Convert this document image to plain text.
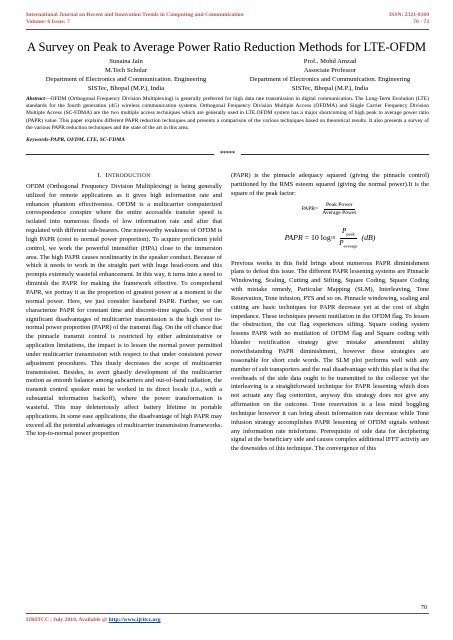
International Journal on Recent and Innovation Trends in Computing and Communication
Volume: 6 Issue: 7
ISSN: 2321-8169
70 - 73
A Survey on Peak to Average Power Ratio Reduction Methods for LTE-OFDM
Sunaina Jain
M.Tech Scholar
Department of Electronics and Communication. Engineering
SISTec, Bhopal (M.P.), India
Prof.. Mohd Amzad
Associate Professor
Department of Electronics and Communication. Engineering
SISTec, Bhopal (M.P.), India
Abstract—OFDM (Orthogonal Frequency Division Multiplexing) is generally preferred for high data rate transmission in digital communication. The Long-Term Evolution (LTE) standards for the fourth generation (4G) wireless communication systems. Orthogonal Frequency Division Multiple Access (OFDMA) and Single Carrier Frequency Division Multiple Access (SC-FDMA) are the two multiple access techniques which are generally used in LTE.OFDM system has a major shortcoming of high peak to average power ratio (PAPR) value. This paper explains different PAPR reduction techniques and presents a comparison of the various techniques based on theoretical results. It also presents a survey of the various PAPR reduction techniques and the state of the art in this area.
Keywords-PAPR, OFDM, LTE, SC-FDMA
*****
I. INTRODUCTION

OFDM (Orthogonal Frequency Division Multiplexing) is being generally utilized for remote applications as it gives high information rate and enhances phantom effectiveness. OFDM is a multicarrier computerized correspondence conspire where the entire accessible transfer speed is isolated into numerous floods of low information rate and after that regulated with different sub-bearers. One noteworthy weakness of OFDM is high PAPR (crest to normal power proportion). To acquire proficient yield control, we work the powerful intensifier (HPA) close to the immersion area. The high PAPR causes nonlinearity in the speaker conduct. Because of which it needs to work in the straight part with huge head-room and this prompts extremely wasteful enhancement. In this way, it turns into a need to diminish the PAPR for making the framework effective. To comprehend PAPR, we portray it as the proportion of greatest power at a moment to the normal power. Here, we just consider baseband PAPR. Further, we can characterize PAPR for constant time and discrete-time signals. One of the significant disadvantages of multicarrier transmission is the high crest to-normal power proportion (PAPR) of the transmit flag. On the off chance that the pinnacle transmit control is restricted by either administrative or application limitations, the impact is to lessen the normal power permitted under multicarrier transmission with respect to that under consistent power adjustment procedures. This thusly decreases the scope of multicarrier transmission. Besides, to avert ghastly development of the multicarrier motion as entomb balance among subcarriers and out-of-band radiation, the transmit control speaker must be worked in its direct locale (i.e., with a substantial information backoff), where the power transformation is wasteful. This may deleteriously affect battery lifetime in portable applications. In some ease applications, the disadvantage of high PAPR may exceed all the potential advantages of multicarrier transmission frameworks. The top-to-normal power proportion

(PAPR) is the pinnacle adequacy squared (giving the pinnacle control) partitioned by the RMS esteem squared (giving the normal power).It is the square of the peak factor:

PAPR= $\frac{\text{Peak Power}}{\text{Average Power}}$
PAPR
=
10 $\log 10 \frac{P_{peak}}{P_{average}}$
(dB)

Previous works in this field brings about numerous PAPR diminishment plans to defeat this issue. The different PAPR lessening systems are Pinnacle Windowing, Scaling, Cutting and Sifting, Square Coding, Square Coding with mistake remedy, Particular Mapping (SLM), Interleaving, Tone Reservation, Tone infusion, PTS and so on. Pinnacle windowing, scaling and cutting are basic techniques for PAPR decrease yet at the cost of slight impedance. These techniques present mutilation in the OFDM flag. To lessen the obstruction, the cut flag experiences sifting. Square coding system lessens PAPR with no mutilation of OFDM flag and Square coding with blunder rectification strategy give mistake amendment ability notwithstanding PAPR diminishment, however these strategies are reasonable for short code words. The SLM plot performs well with any number of sub transporters and the real disadvantage with this plan is that the overheads of the side data ought to be transmitted to the collector yet the interleaving is a straightforward technique for PAPR lessening which does not actuate any flag contortion, anyway this strategy does not give any affirmation on the outcome. Tone reservation is a less mind boggling technique however it can bring about information rate decrease while Tone infusion strategy accomplishes PAPR lessening of OFDM signals without any information rate misfortune. Prerequisite of side data for deciphering signal at the beneficiary side and causes complex additional IFFT activity are the downsides of this technique. The convergence of this

70
IJRITCC | July 2018, Available @ http://www.ijritcc.org
